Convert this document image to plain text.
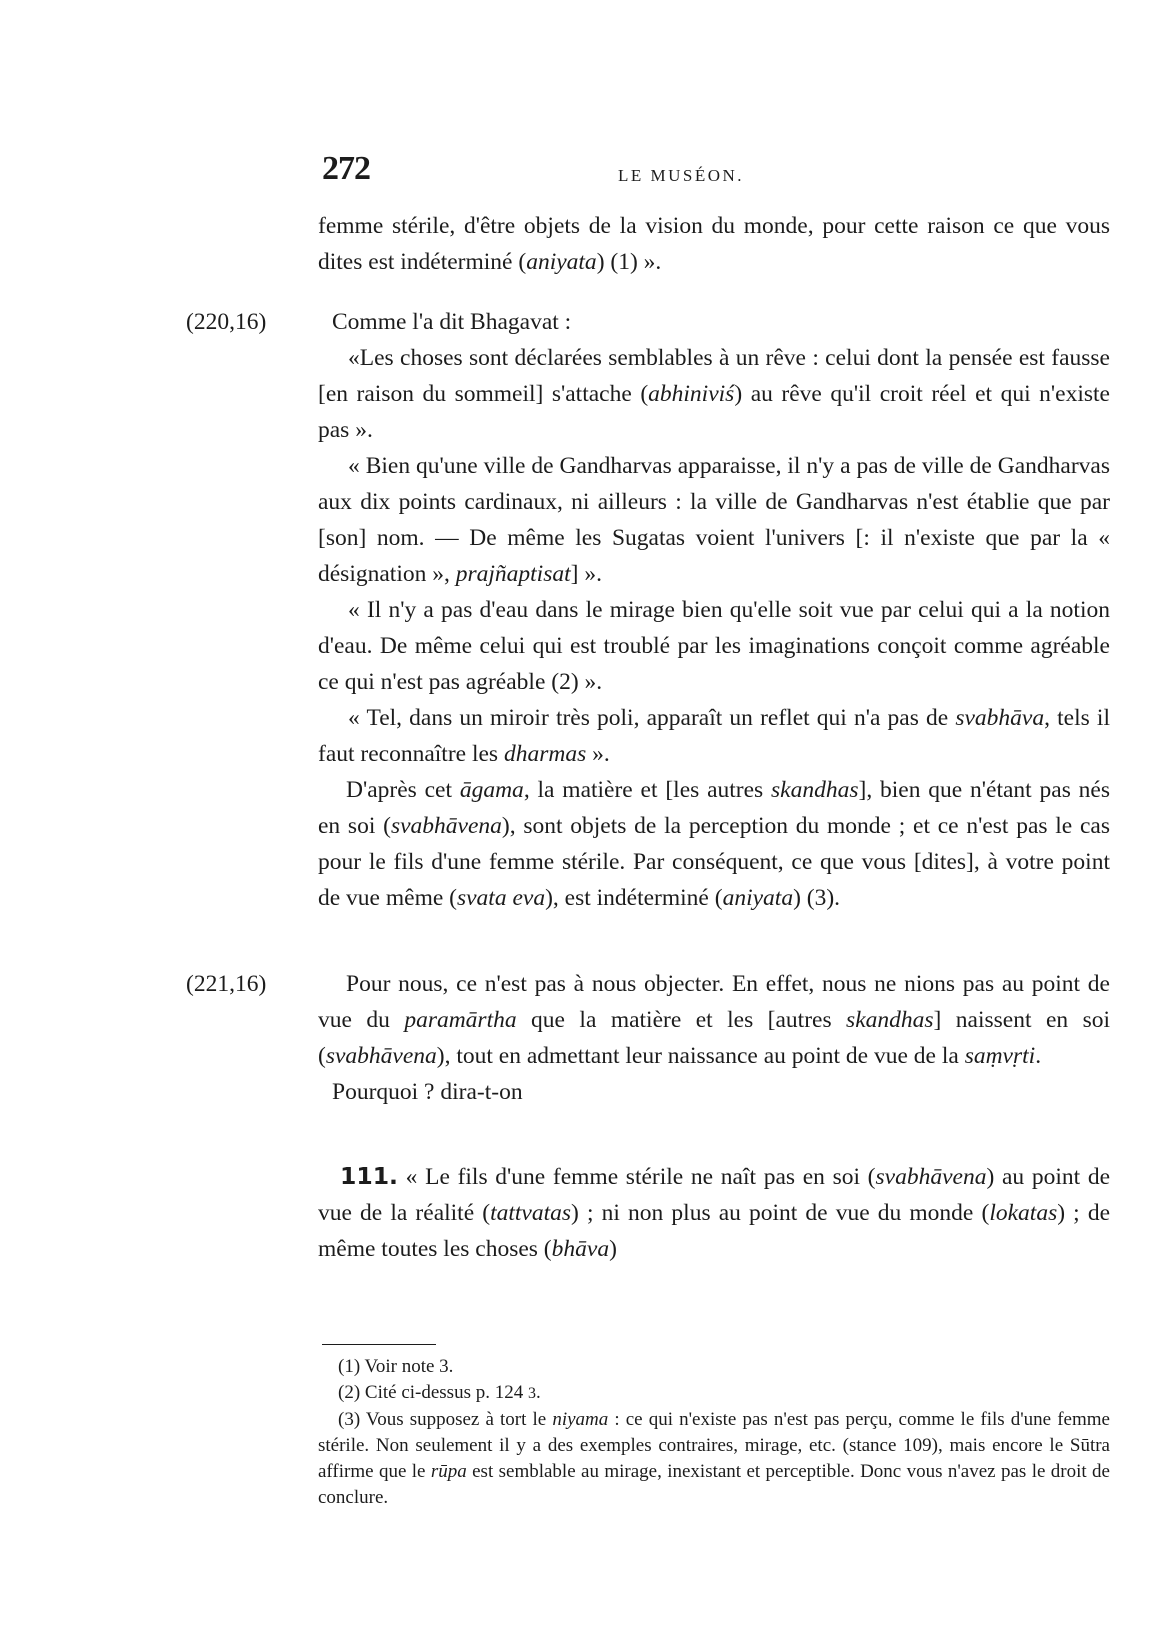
272	LE MUSÉON.
(220,16)
(221,16)

femme stérile, d'être objets de la vision du monde, pour cette raison ce que vous dites est indéterminé (aniyata) (1) ».

Comme l'a dit Bhagavat :

«Les choses sont déclarées semblables à un rêve : celui dont la pensée est fausse [en raison du sommeil] s'attache (abhiniviś) au rêve qu'il croit réel et qui n'existe pas ».

« Bien qu'une ville de Gandharvas apparaisse, il n'y a pas de ville de Gandharvas aux dix points cardinaux, ni ailleurs : la ville de Gandharvas n'est établie que par [son] nom. — De même les Sugatas voient l'univers [: il n'existe que par la « désignation », prajñaptisat] ».

« Il n'y a pas d'eau dans le mirage bien qu'elle soit vue par celui qui a la notion d'eau. De même celui qui est troublé par les imaginations conçoit comme agréable ce qui n'est pas agréable (2) ».

« Tel, dans un miroir très poli, apparaît un reflet qui n'a pas de svabhāva, tels il faut reconnaître les dharmas ».

D'après cet āgama, la matière et [les autres skandhas], bien que n'étant pas nés en soi (svabhāvena), sont objets de la perception du monde ; et ce n'est pas le cas pour le fils d'une femme stérile. Par conséquent, ce que vous [dites], à votre point de vue même (svata eva), est indéterminé (aniyata) (3).

Pour nous, ce n'est pas à nous objecter. En effet, nous ne nions pas au point de vue du paramārtha que la matière et les [autres skandhas] naissent en soi (svabhāvena), tout en admettant leur naissance au point de vue de la saṃvṛti.

Pourquoi ? dira-t-on

111. « Le fils d'une femme stérile ne naît pas en soi (svabhāvena) au point de vue de la réalité (tattvatas) ; ni non plus au point de vue du monde (lokatas) ; de même toutes les choses (bhāva)

(1) Voir note 3.

(2) Cité ci-dessus p. 124 3.

(3) Vous supposez à tort le niyama : ce qui n'existe pas n'est pas perçu, comme le fils d'une femme stérile. Non seulement il y a des exemples contraires, mirage, etc. (stance 109), mais encore le Sūtra affirme que le rūpa est semblable au mirage, inexistant et perceptible. Donc vous n'avez pas le droit de conclure.
